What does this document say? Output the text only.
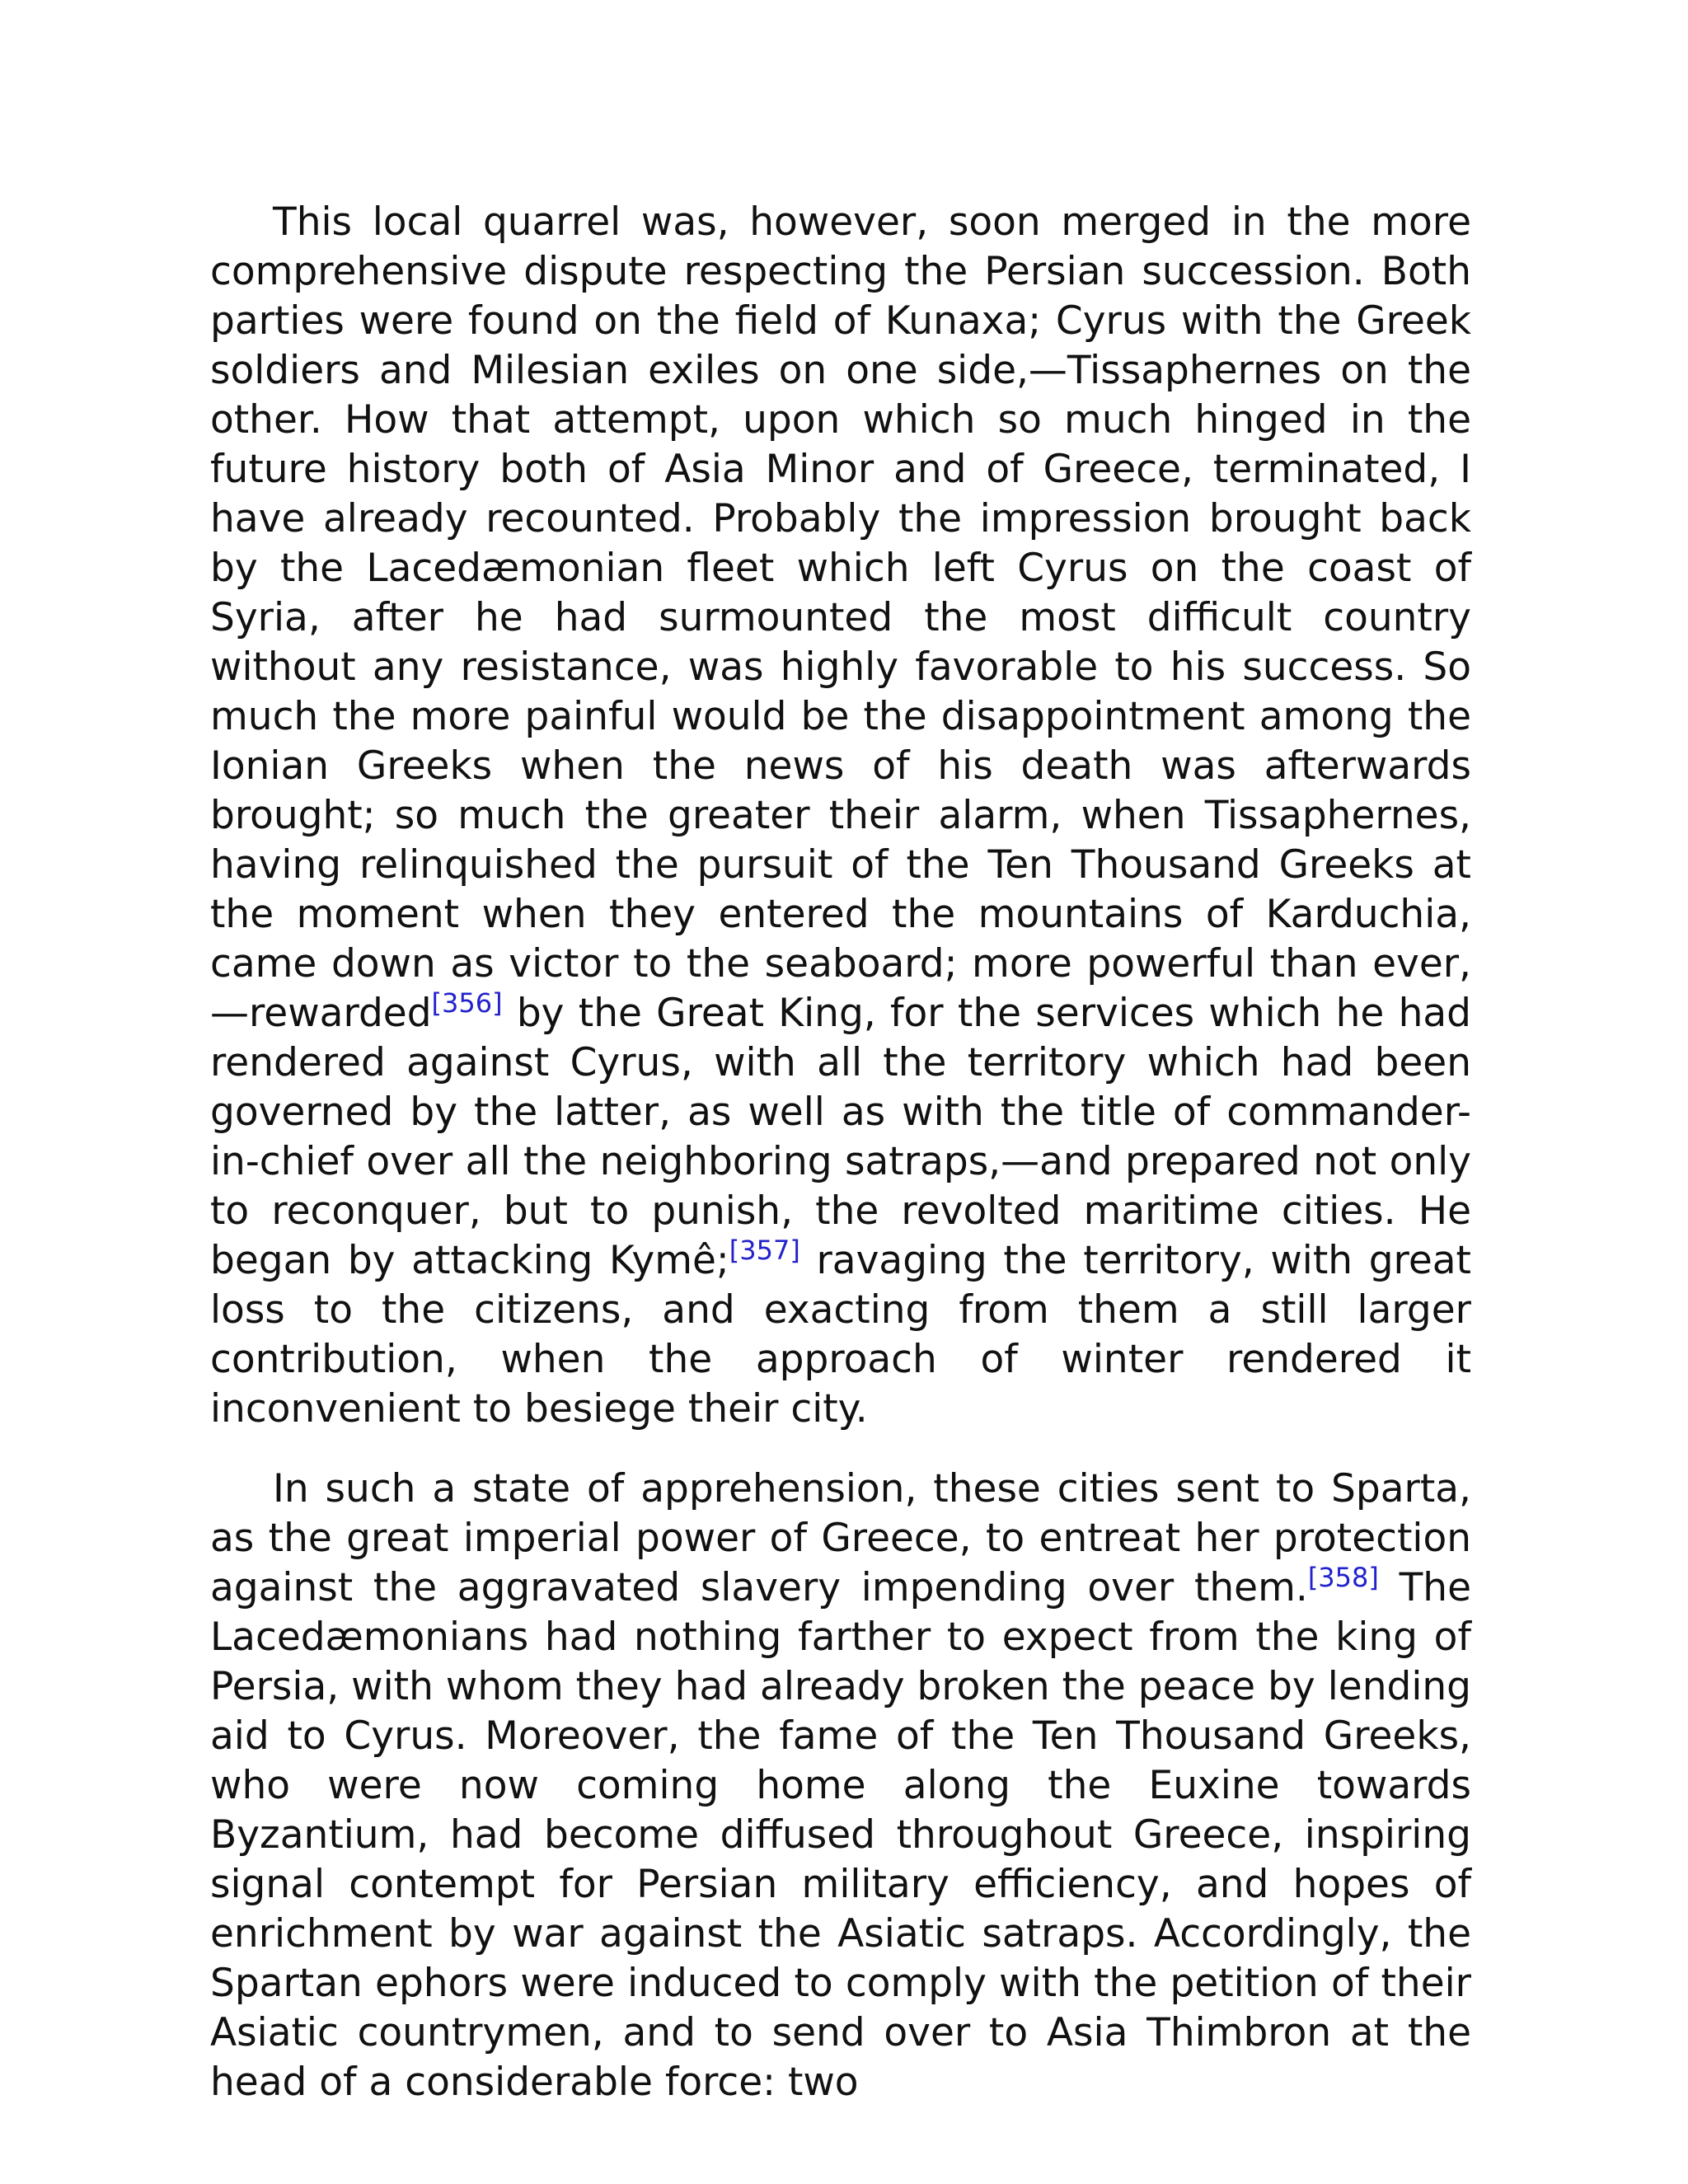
This local quarrel was, however, soon merged in the more comprehensive dispute respecting the Persian succession. Both parties were found on the field of Kunaxa; Cyrus with the Greek soldiers and Milesian exiles on one side,—Tissaphernes on the other. How that attempt, upon which so much hinged in the future history both of Asia Minor and of Greece, terminated, I have already recounted. Probably the impression brought back by the Lacedæmonian fleet which left Cyrus on the coast of Syria, after he had surmounted the most difficult country without any resistance, was highly favorable to his success. So much the more painful would be the disappointment among the Ionian Greeks when the news of his death was afterwards brought; so much the greater their alarm, when Tissaphernes, having relinquished the pursuit of the Ten Thousand Greeks at the moment when they entered the mountains of Karduchia, came down as victor to the seaboard; more powerful than ever,—rewarded[356] by the Great King, for the services which he had rendered against Cyrus, with all the territory which had been governed by the latter, as well as with the title of commander-in-chief over all the neighboring satraps,—and prepared not only to reconquer, but to punish, the revolted maritime cities. He began by attacking Kymê;[357] ravaging the territory, with great loss to the citizens, and exacting from them a still larger contribution, when the approach of winter rendered it inconvenient to besiege their city.

In such a state of apprehension, these cities sent to Sparta, as the great imperial power of Greece, to entreat her protection against the aggravated slavery impending over them.[358] The Lacedæmonians had nothing farther to expect from the king of Persia, with whom they had already broken the peace by lending aid to Cyrus. Moreover, the fame of the Ten Thousand Greeks, who were now coming home along the Euxine towards Byzantium, had become diffused throughout Greece, inspiring signal contempt for Persian military efficiency, and hopes of enrichment by war against the Asiatic satraps. Accordingly, the Spartan ephors were induced to comply with the petition of their Asiatic countrymen, and to send over to Asia Thimbron at the head of a considerable force: two
